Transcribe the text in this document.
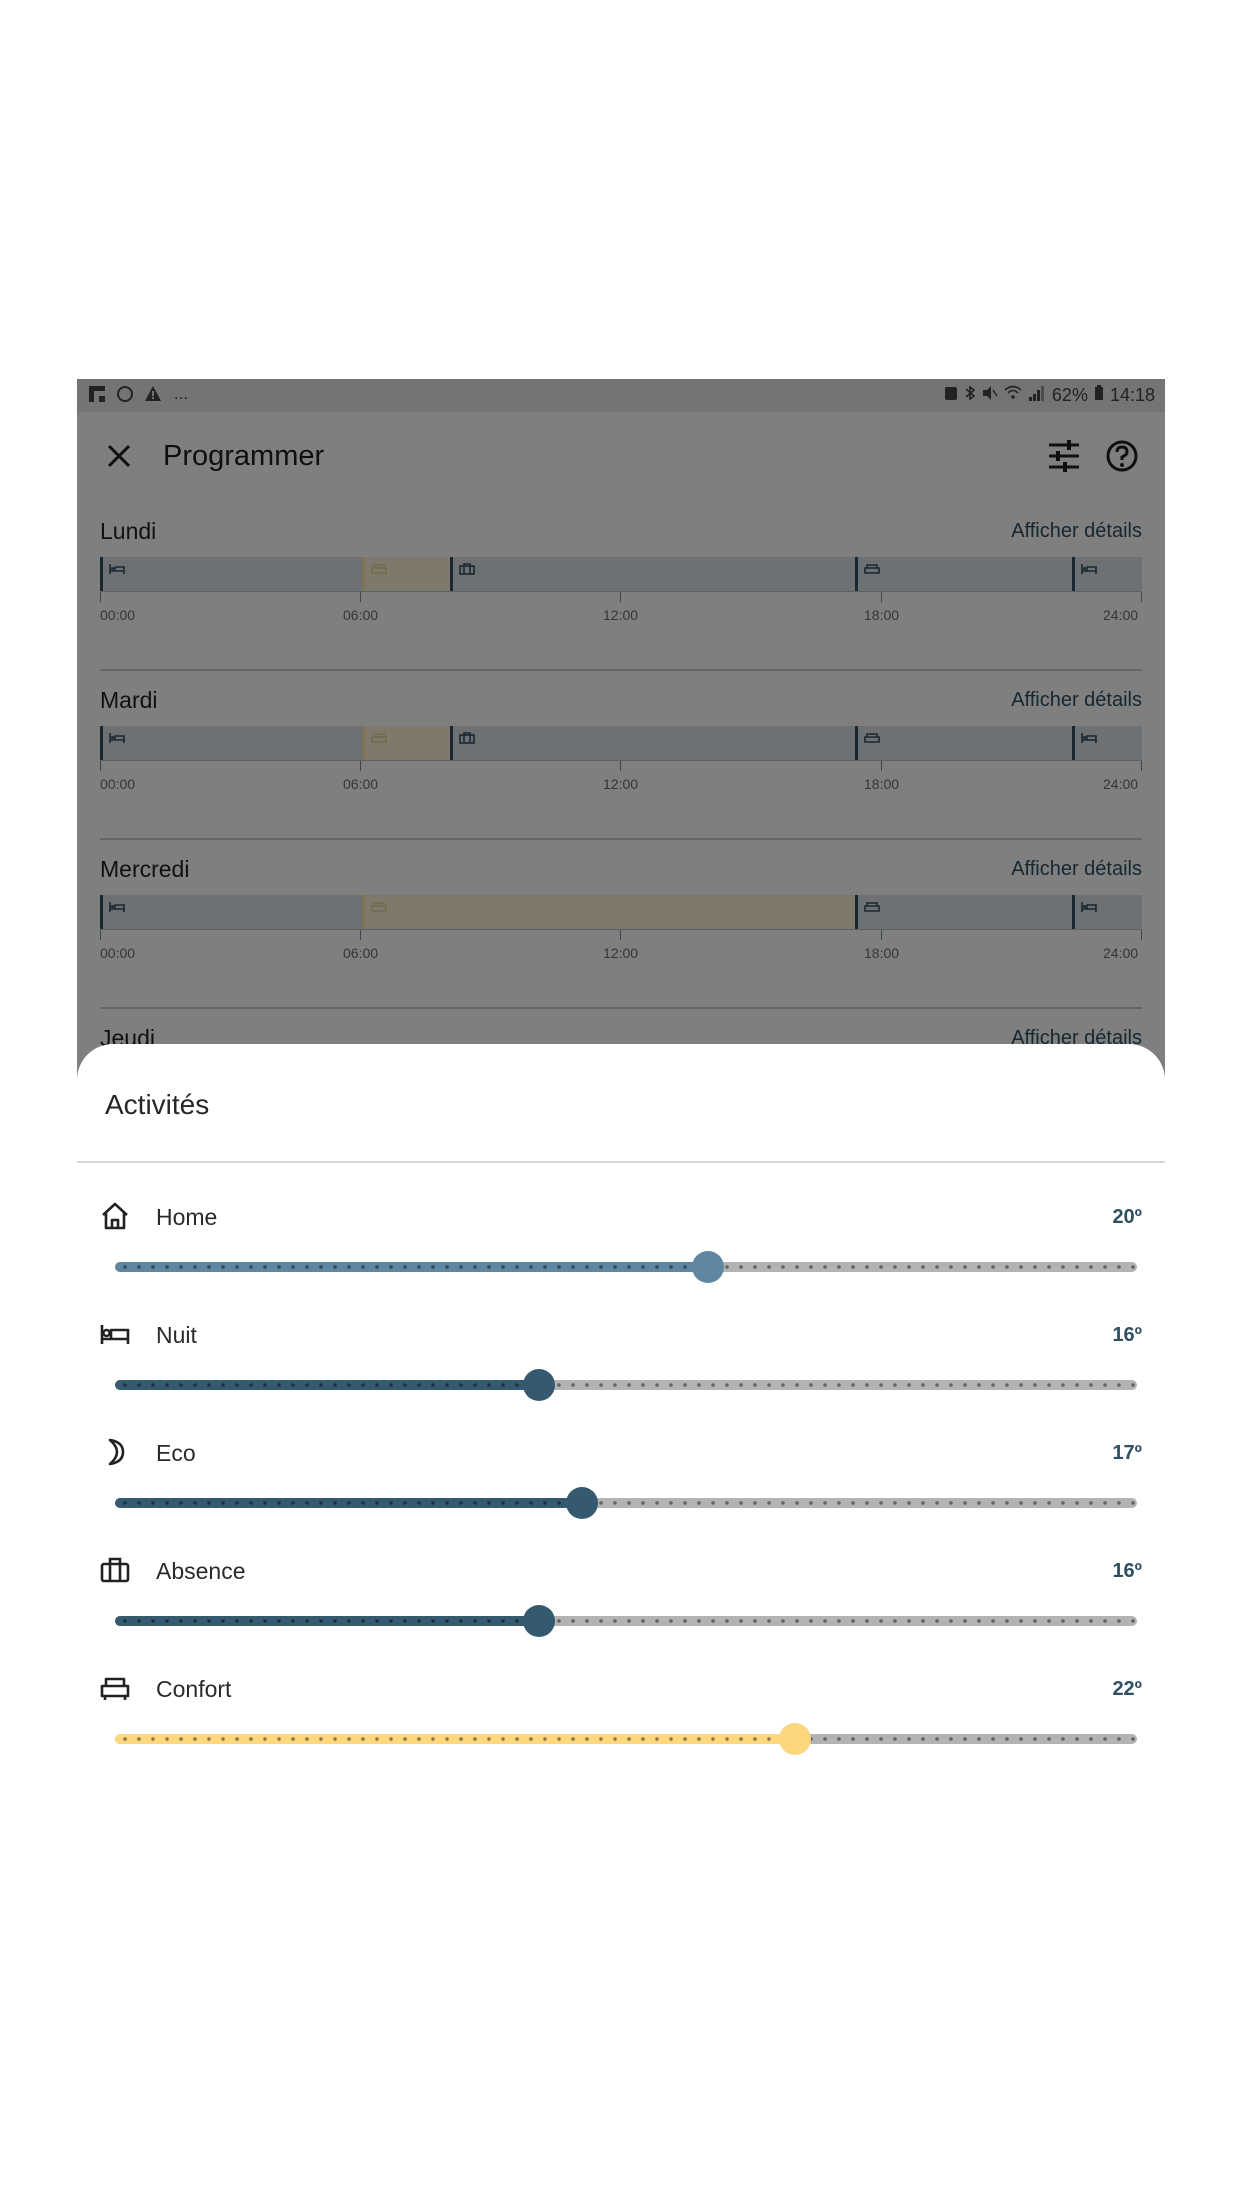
Activités
Home	20º
Nuit	16º
Eco	17º
Absence	16º
Confort	22º
